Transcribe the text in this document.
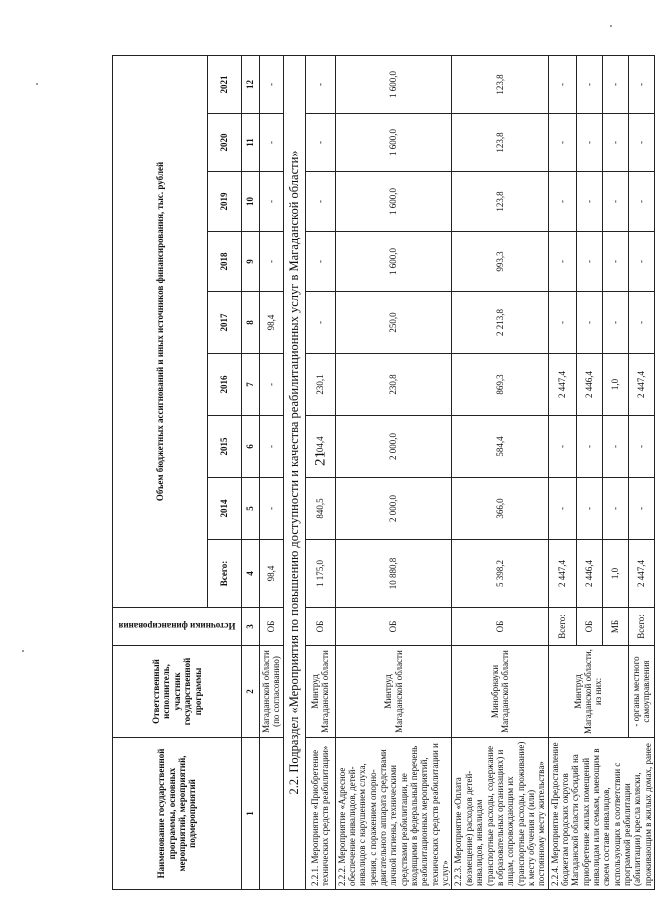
21
Наименование государственной программы, основных мероприятий, мероприятий, подмероприятий	Ответственный исполнитель, участник государственной программы	Источники финансирования	Объем бюджетных ассигнований и иных источников финансирования, тыс. рублей								
			Всего:	2014	2015	2016	2017	2018	2019	2020	2021
1	2	3	4	5	6	7	8	9	10	11	12
	Магаданской области (по согласованию)	ОБ	98,4	-	-	-	98,4	-	-	-	-
2.2. Подраздел «Мероприятия по повышению доступности и качества реабилитационных услуг в Магаданской области»											
2.2.1. Мероприятие «Приобретение технических средств реабилитации»	Минтруд Магаданской области	ОБ	1 175,0	840,5	104,4	230,1	-	-	-	-	-
2.2.2. Мероприятие «Адресное обеспечение инвалидов, детей-инвалидов с нарушением слуха, зрения, с поражением опорно-двигательного аппарата средствами личной гигиены, техническими средствами реабилитации, не входящими в федеральный перечень реабилитационных мероприятий, технических средств реабилитации и услуг»	Минтруд Магаданской области	ОБ	10 880,8	2 000,0	2 000,0	230,8	250,0	1 600,0	1 600,0	1 600,0	1 600,0
2.2.3. Мероприятие «Оплата (возмещение) расходов детей-инвалидов, инвалидам (транспортные расходы, содержание в образовательных организациях) и лицам, сопровождающим их (транспортные расходы, проживание) к месту обучения и (или) постоянному месту жительства»	Минобрнауки Магаданской области	ОБ	5 398,2	366,0	584,4	869,3	2 213,8	993,3	123,8	123,8	123,8
2.2.4. Мероприятие «Предоставление бюджетам городских округов Магаданской области субсидий на приобретение жилых помещений инвалидам или семьям, имеющим в своем составе инвалидов, использующих в соответствии с программой реабилитации (абилитации) кресла коляски, проживающим в жилых домах, ранее	Минтруд Магаданской области, из них:	Всего:	2 447,4	-	-	2 447,4	-	-	-	-	-
		ОБ	2 446,4	-	-	2 446,4	-	-	-	-	-
		МБ	1,0	-	-	1,0	-	-	-	-	-
	- органы местного самоуправления	Всего:	2 447,4	-	-	2 447,4	-	-	-	-	-
